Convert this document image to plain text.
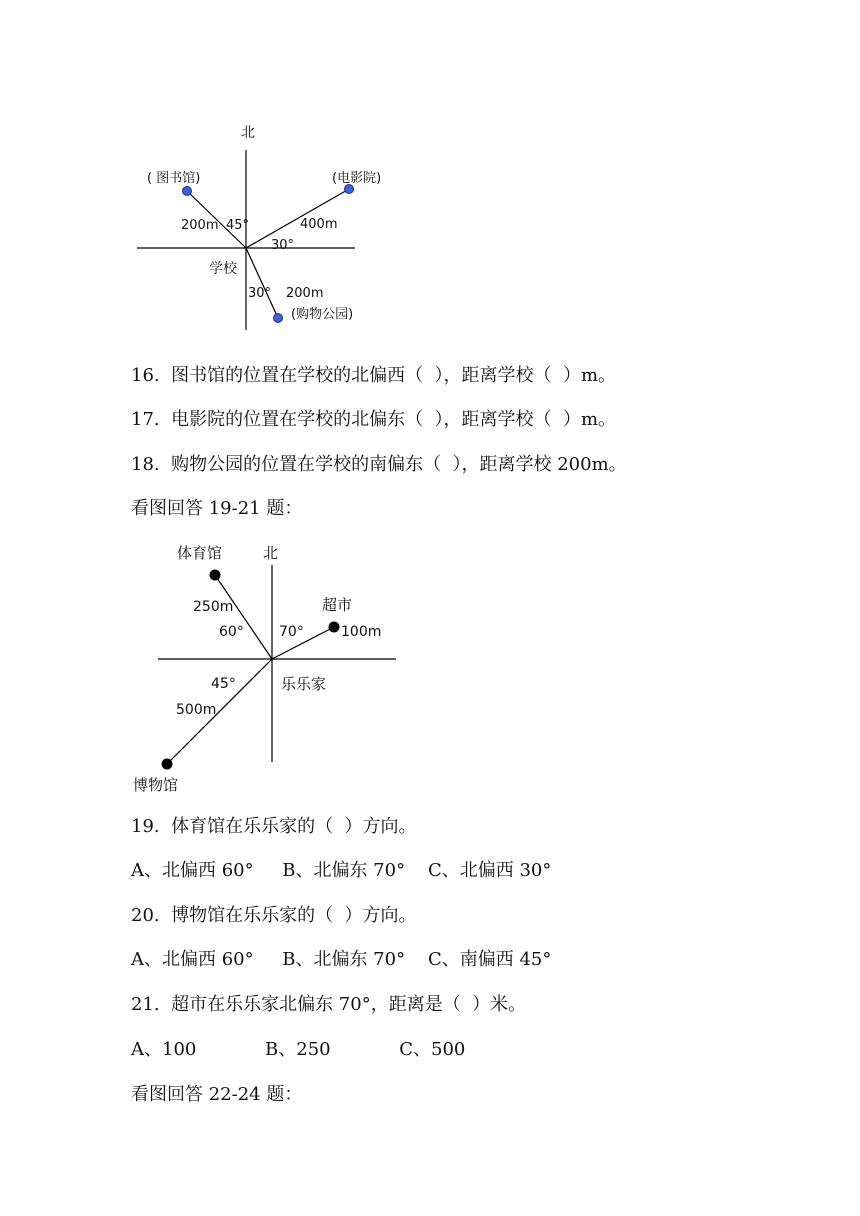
北
( 图书馆)	(电影院)
200m 45°	400m
30°
学校
30° 200m
(购物公园)
体育馆	北
超市
250m
60°	70°	100m
45°	乐乐家
500m
博物馆
16.  图书馆的位置在学校的北偏西（  ），距离学校（  ）m。
17.  电影院的位置在学校的北偏东（  ），距离学校（  ）m。
18.  购物公园的位置在学校的南偏东（  ），距离学校 200m。
看图回答 19-21 题：
19.  体育馆在乐乐家的（  ）方向。
A、北偏西 60°     B、北偏东 70°    C、北偏西 30°
20.  博物馆在乐乐家的（  ）方向。
A、北偏西 60°     B、北偏东 70°    C、南偏西 45°
21.  超市在乐乐家北偏东 70°，距离是（  ）米。
A、100            B、250            C、500
看图回答 22-24 题：
